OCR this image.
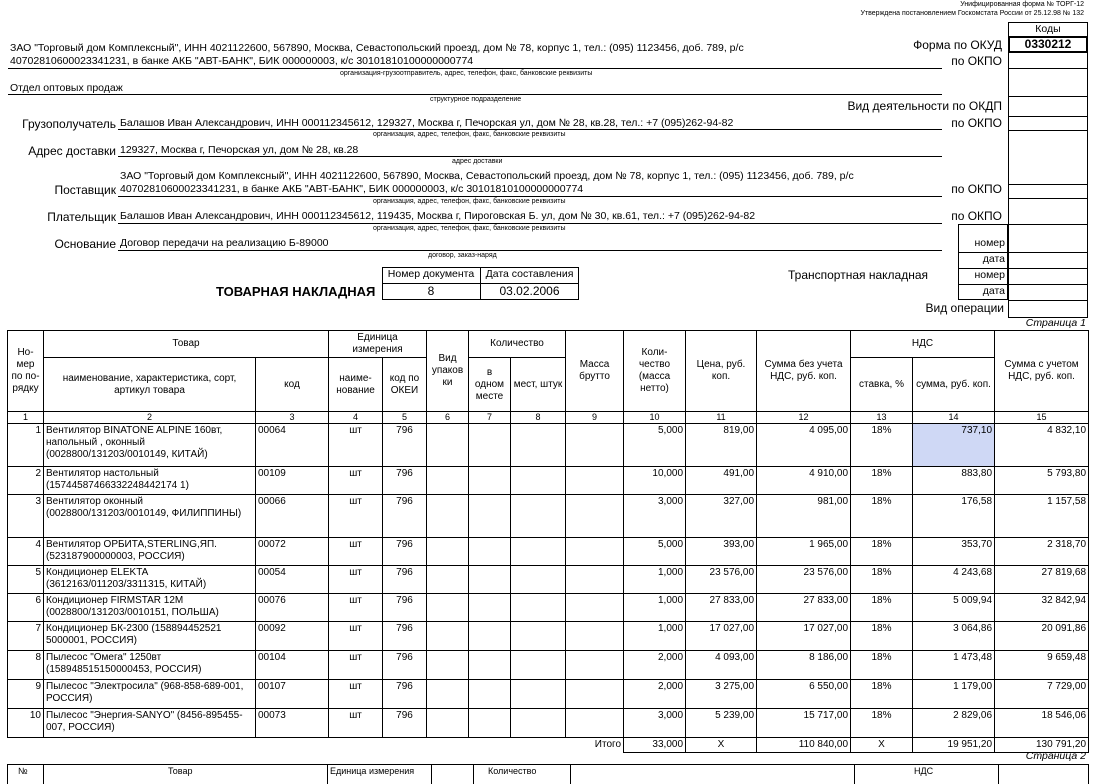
Унифицированная форма № ТОРГ-12
Утверждена постановлением Госкомстата России от 25.12.98 № 132
Коды
0330212
Форма по ОКУД
по ОКПО
Вид деятельности по ОКДП
по ОКПО
по ОКПО
по ОКПО
номер
дата
номер
дата
Транспортная накладная
Вид операции
ЗАО "Торговый дом Комплексный", ИНН 4021122600, 567890, Москва, Севастопольский проезд, дом № 78, корпус 1, тел.: (095) 1123456, доб. 789, р/с
40702810600023341231, в банке АКБ "АВТ-БАНК", БИК 000000003, к/с 30101810100000000774
организация-грузоотправитель, адрес, телефон, факс, банковские реквизиты
Отдел оптовых продаж
структурное подразделение
Грузополучатель Балашов Иван Александрович, ИНН 000112345612, 129327, Москва г, Печорская ул, дом № 28, кв.28, тел.: +7 (095)262-94-82
организация, адрес, телефон, факс, банковские реквизиты
Адрес доставки 129327, Москва г, Печорская ул, дом № 28, кв.28
адрес доставки
ЗАО "Торговый дом Комплексный", ИНН 4021122600, 567890, Москва, Севастопольский проезд, дом № 78, корпус 1, тел.: (095) 1123456, доб. 789, р/с
Поставщик 40702810600023341231, в банке АКБ "АВТ-БАНК", БИК 000000003, к/с 30101810100000000774
организация, адрес, телефон, факс, банковские реквизиты
Плательщик Балашов Иван Александрович, ИНН 000112345612, 119435, Москва г, Пироговская Б. ул, дом № 30, кв.61, тел.: +7 (095)262-94-82
организация, адрес, телефон, факс, банковские реквизиты
Основание Договор передачи на реализацию Б-89000
договор, заказ-наряд
Номер документа	Дата составления
8	03.02.2006
ТОВАРНАЯ НАКЛАДНАЯ
Страница 1
Но-мер по по-рядку	Товар		Единица измерения		Вид упаков ки	Количество		Масса брутто	Коли-чество (масса нетто)	Цена, руб. коп.	Сумма без учета НДС, руб. коп.	НДС		Сумма с учетом НДС, руб. коп.
	наименование, характеристика, сорт, артикул товара	код	наиме-нование	код по ОКЕИ		в одном месте	мест, штук					ставка, %	сумма, руб. коп.	
1	2	3	4	5	6	7	8	9	10	11	12	13	14	15
1	Вентилятор BINATONE ALPINE 160вт, напольный , оконный (0028800/131203/0010149, КИТАЙ)	00064	шт	796					5,000	819,00	4 095,00	18%	737,10	4 832,10
2	Вентилятор настольный (15744587466332248442174 1)	00109	шт	796					10,000	491,00	4 910,00	18%	883,80	5 793,80
3	Вентилятор оконный (0028800/131203/0010149, ФИЛИППИНЫ)	00066	шт	796					3,000	327,00	981,00	18%	176,58	1 157,58
4	Вентилятор ОРБИТА,STERLING,ЯП. (523187900000003, РОССИЯ)	00072	шт	796					5,000	393,00	1 965,00	18%	353,70	2 318,70
5	Кондиционер ELEKTA (3612163/011203/3311315, КИТАЙ)	00054	шт	796					1,000	23 576,00	23 576,00	18%	4 243,68	27 819,68
6	Кондиционер FIRMSTAR 12M (0028800/131203/0010151, ПОЛЬША)	00076	шт	796					1,000	27 833,00	27 833,00	18%	5 009,94	32 842,94
7	Кондиционер БК-2300 (158894452521 5000001, РОССИЯ)	00092	шт	796					1,000	17 027,00	17 027,00	18%	3 064,86	20 091,86
8	Пылесос "Омега" 1250вт (158948515150000453, РОССИЯ)	00104	шт	796					2,000	4 093,00	8 186,00	18%	1 473,48	9 659,48
9	Пылесос "Электросила" (968-858-689-001, РОССИЯ)	00107	шт	796					2,000	3 275,00	6 550,00	18%	1 179,00	7 729,00
10	Пылесос "Энергия-SANYO" (8456-895455-007, РОССИЯ)	00073	шт	796					3,000	5 239,00	15 717,00	18%	2 829,06	18 546,06
								Итого	33,000	X	110 840,00	X	19 951,20	130 791,20
Страница 2
№	Товар	Единица измерения	Количество	НДС
